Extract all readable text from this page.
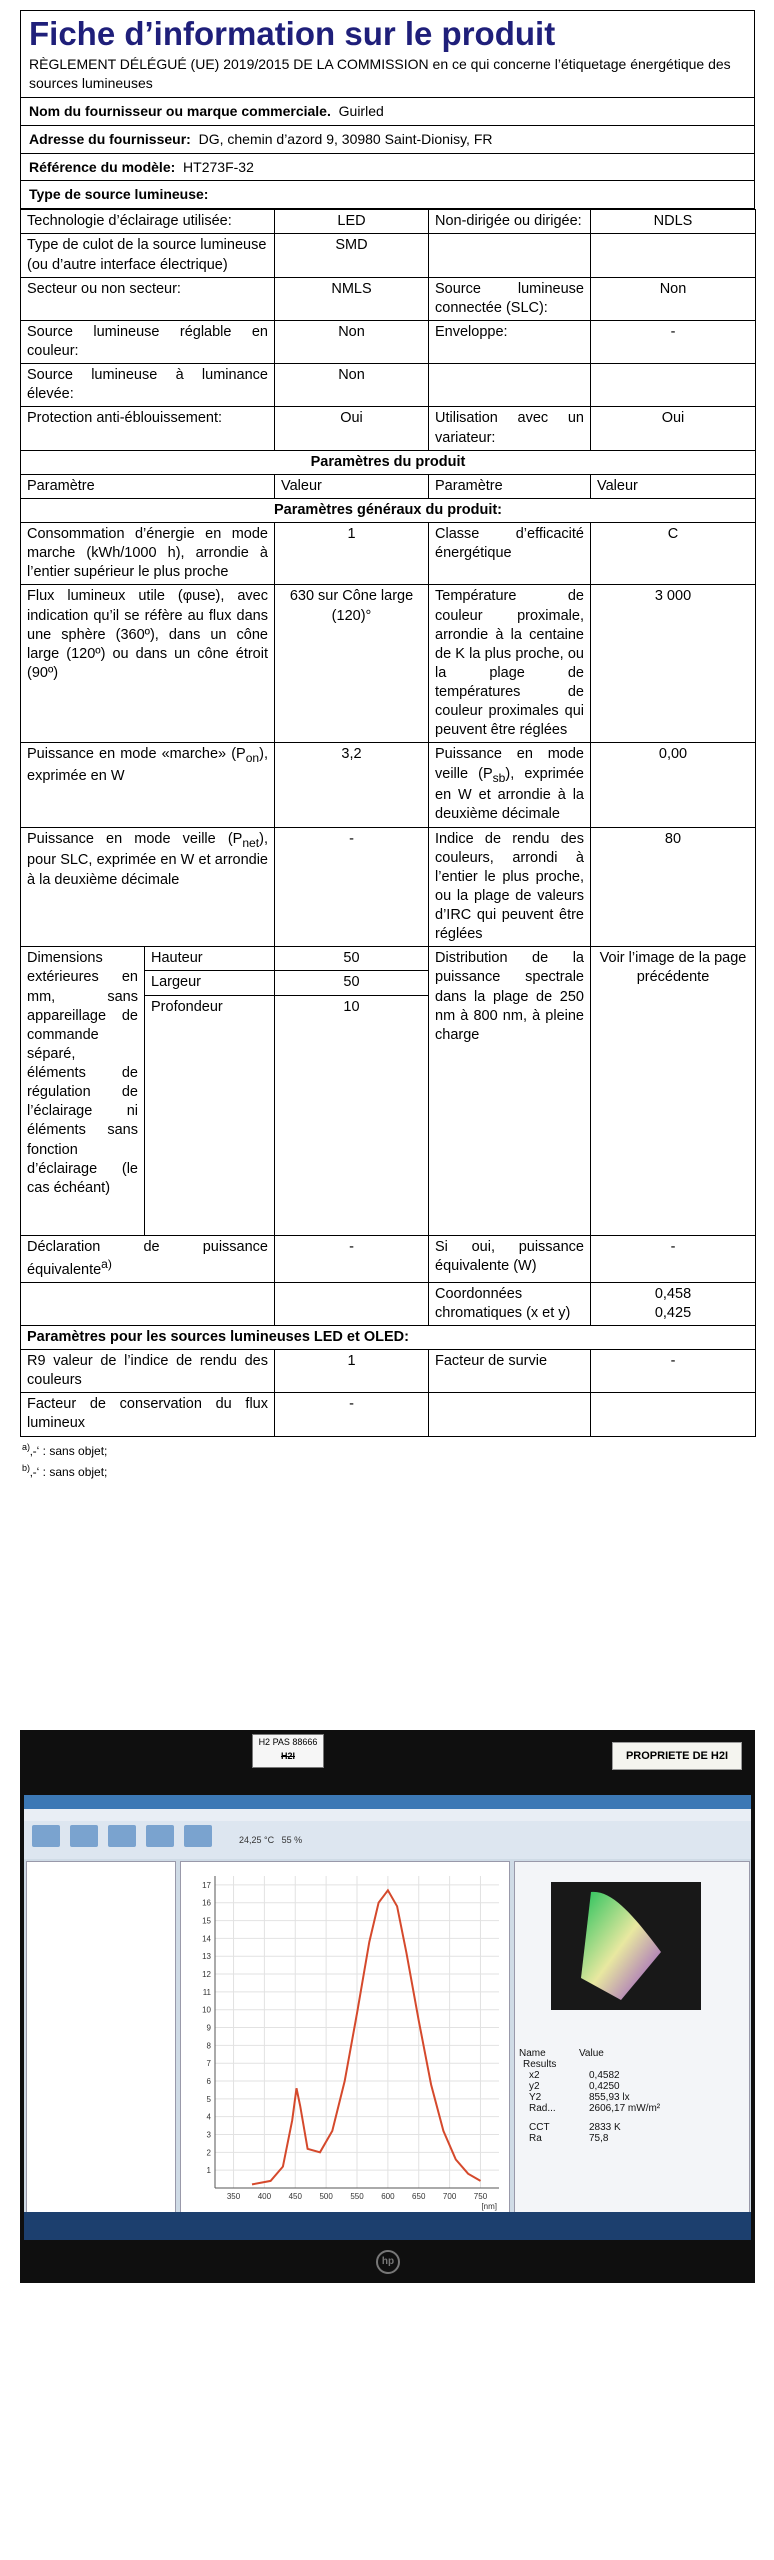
Fiche d’information sur le produit
RÈGLEMENT DÉLÉGUÉ (UE) 2019/2015 DE LA COMMISSION en ce qui concerne l’étiquetage énergétique des sources lumineuses
Nom du fournisseur ou marque commerciale. Guirled
Adresse du fournisseur: DG, chemin d’azord 9, 30980 Saint-Dionisy, FR
Référence du modèle: HT273F-32
Type de source lumineuse:
Technologie d’éclairage utilisée:		LED	Non-dirigée ou dirigée:	NDLS

Type de culot de la source lumineuse
(ou d’autre interface électrique)		SMD		
Secteur ou non secteur:		NMLS	Source lumineuse connectée (SLC):	Non
Source lumineuse réglable en couleur:		Non	Enveloppe:	-
Source lumineuse à luminance élevée:		Non		
Protection anti-éblouissement:		Oui	Utilisation avec un variateur:	Oui
Paramètres du produit				
Paramètre		Valeur	Paramètre	Valeur
Paramètres généraux du produit:				
Consommation d’énergie en mode marche (kWh/1000 h), arrondie à l’entier supérieur le plus proche		1	Classe d’efficacité énergétique	C
Flux lumineux utile (φuse), avec indication qu’il se réfère au flux dans une sphère (360º), dans un cône large (120º) ou dans un cône étroit (90º)		630 sur Cône large (120)°	Température de couleur proximale, arrondie à la centaine de K la plus proche, ou la plage de températures de couleur proximales qui peuvent être réglées	3 000
Puissance en mode «marche» $(P_{on})$, exprimée en W		3,2	Puissance en mode veille $(P_{sb})$, exprimée en W et arrondie à la deuxième décimale	0,00
Puissance en mode veille $(P_{net})$, pour SLC, exprimée en W et arrondie à la deuxième décimale		-	Indice de rendu des couleurs, arrondi à l’entier le plus proche, ou la plage de valeurs d’IRC qui peuvent être réglées	80
Dimensions extérieures en mm, sans appareillage de commande séparé, éléments de régulation de l’éclairage ni éléments sans fonction d’éclairage (le cas échéant)	Hauteur	50	Distribution de la puissance spectrale dans la plage de 250 nm à 800 nm, à pleine charge	Voir l’image de la page précédente
	Largeur	50		
	Profondeur	10		
Déclaration de puissance équivalente$^{a)}$		-	Si oui, puissance équivalente (W)	-
			Coordonnées chromatiques (x et y)	0,458
0,425

Paramètres pour les sources lumineuses LED et OLED:				
R9 valeur de l’indice de rendu des couleurs		1	Facteur de survie	-
Facteur de conservation du flux lumineux		-		
$^{a)}$‚-‘ : sans objet;
$^{b)}$‚-‘ : sans objet;
H2 PAS 88666
H2I	PROPRIETE DE H2I
24,25 °C 55 %
1
2
3
4
5
6
7
8
9
10
11
12
13
14
15
16
17
350 400 450 500 550 600 650 700 750
[nm]
Name	Value
Results
x2	0,4582
y2	0,4250
Y2	855,93 lx
Rad...	2606,17 mW/m²
CCT	2833 K
Ra	75,8
hp
